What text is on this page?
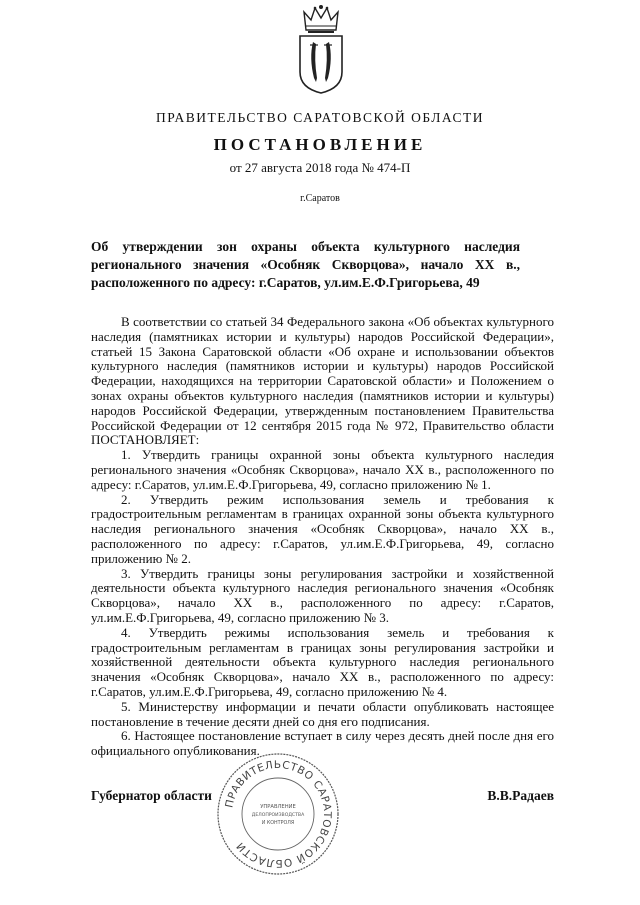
ПРАВИТЕЛЬСТВО САРАТОВСКОЙ ОБЛАСТИ
ПОСТАНОВЛЕНИЕ
от 27 августа 2018 года № 474-П
г.Саратов
Об утверждении зон охраны объекта культурного наследия
регионального значения «Особняк Скворцова», начало XX в.,
расположенного по адресу: г.Саратов, ул.им.Е.Ф.Григорьева, 49

В соответствии со статьей 34 Федерального закона «Об объектах культурного наследия (памятниках истории и культуры) народов Российской Федерации», статьей 15 Закона Саратовской области «Об охране и использовании объектов культурного наследия (памятников истории и культуры) народов Российской Федерации, находящихся на территории Саратовской области» и Положением о зонах охраны объектов культурного наследия (памятников истории и культуры) народов Российской Федерации, утвержденным постановлением Правительства Российской Федерации от 12 сентября 2015 года № 972, Правительство области ПОСТАНОВЛЯЕТ:

1. Утвердить границы охранной зоны объекта культурного наследия регионального значения «Особняк Скворцова», начало XX в., расположенного по адресу: г.Саратов, ул.им.Е.Ф.Григорьева, 49, согласно приложению № 1.

2. Утвердить режим использования земель и требования к градостроительным регламентам в границах охранной зоны объекта культурного наследия регионального значения «Особняк Скворцова», начало XX в., расположенного по адресу: г.Саратов, ул.им.Е.Ф.Григорьева, 49, согласно приложению № 2.

3. Утвердить границы зоны регулирования застройки и хозяйственной деятельности объекта культурного наследия регионального значения «Особняк Скворцова», начало XX в., расположенного по адресу: г.Саратов, ул.им.Е.Ф.Григорьева, 49, согласно приложению № 3.

4. Утвердить режимы использования земель и требования к градостроительным регламентам в границах зоны регулирования застройки и хозяйственной деятельности объекта культурного наследия регионального значения «Особняк Скворцова», начало XX в., расположенного по адресу: г.Саратов, ул.им.Е.Ф.Григорьева, 49, согласно приложению № 4.

5. Министерству информации и печати области опубликовать настоящее постановление в течение десяти дней со дня его подписания.

6. Настоящее постановление вступает в силу через десять дней после дня его официального опубликования.

ПРАВИТЕЛЬСТВО САРАТОВСКОЙ ОБЛАСТИ
УПРАВЛЕНИЕ
ДЕЛОПРОИЗВОДСТВА
И КОНТРОЛЯ
Губернатор области	В.В.Радаев
